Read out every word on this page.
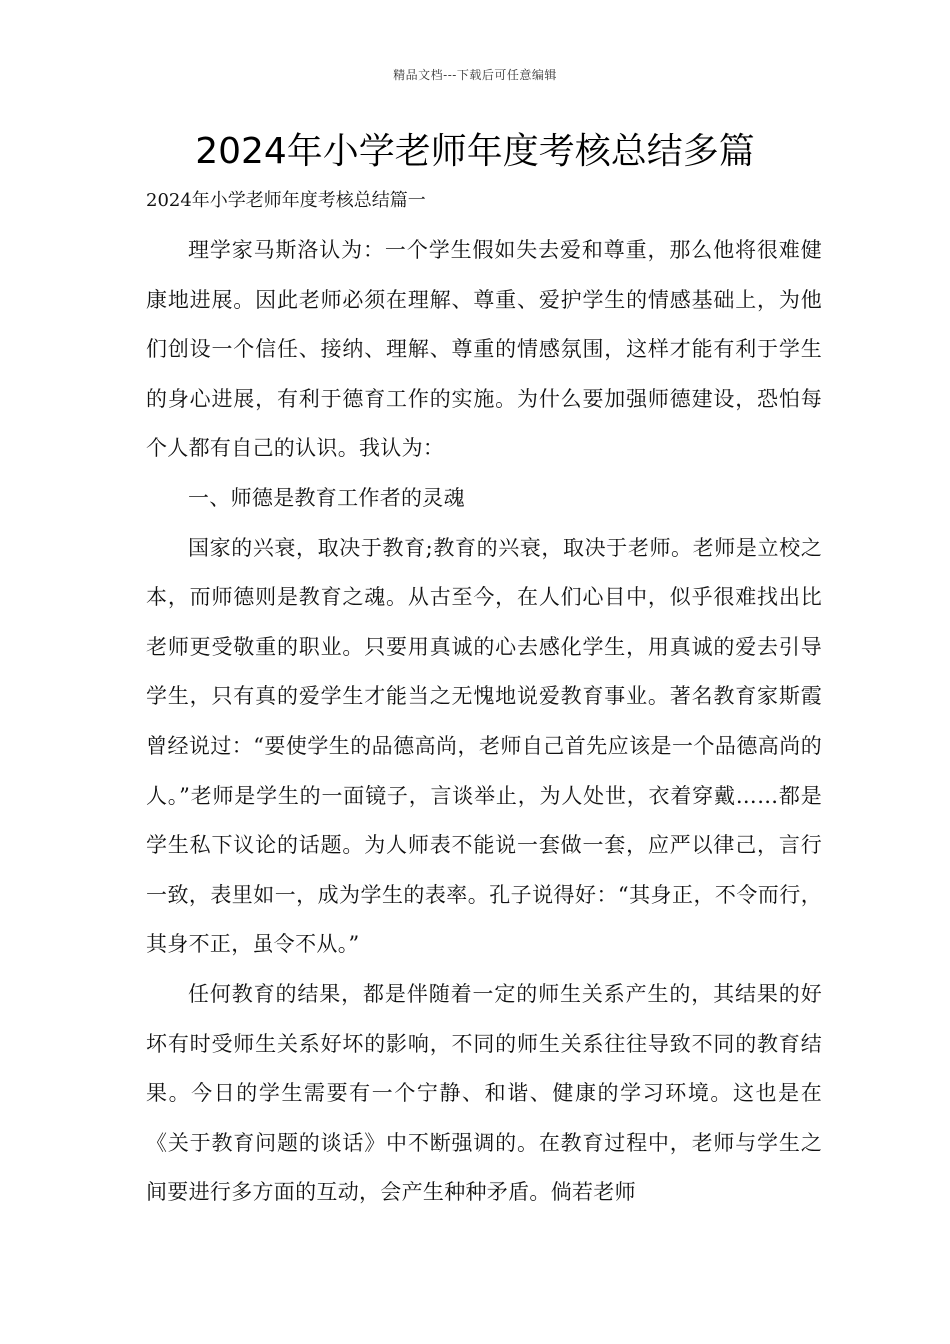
精品文档---下载后可任意编辑
2024年小学老师年度考核总结多篇

2024年小学老师年度考核总结篇一

理学家马斯洛认为：一个学生假如失去爱和尊重，那么他将很难健康地进展。因此老师必须在理解、尊重、爱护学生的情感基础上，为他们创设一个信任、接纳、理解、尊重的情感氛围，这样才能有利于学生的身心进展，有利于德育工作的实施。为什么要加强师德建设，恐怕每个人都有自己的认识。我认为：

一、师德是教育工作者的灵魂

国家的兴衰，取决于教育;教育的兴衰，取决于老师。老师是立校之本，而师德则是教育之魂。从古至今，在人们心目中，似乎很难找出比老师更受敬重的职业。只要用真诚的心去感化学生，用真诚的爱去引导学生，只有真的爱学生才能当之无愧地说爱教育事业。著名教育家斯霞曾经说过：“要使学生的品德高尚，老师自己首先应该是一个品德高尚的人。”老师是学生的一面镜子，言谈举止，为人处世，衣着穿戴……都是学生私下议论的话题。为人师表不能说一套做一套，应严以律己，言行一致，表里如一，成为学生的表率。孔子说得好：“其身正，不令而行，其身不正，虽令不从。”

任何教育的结果，都是伴随着一定的师生关系产生的，其结果的好坏有时受师生关系好坏的影响，不同的师生关系往往导致不同的教育结果。今日的学生需要有一个宁静、和谐、健康的学习环境。这也是在《关于教育问题的谈话》中不断强调的。在教育过程中，老师与学生之间要进行多方面的互动，会产生种种矛盾。倘若老师
